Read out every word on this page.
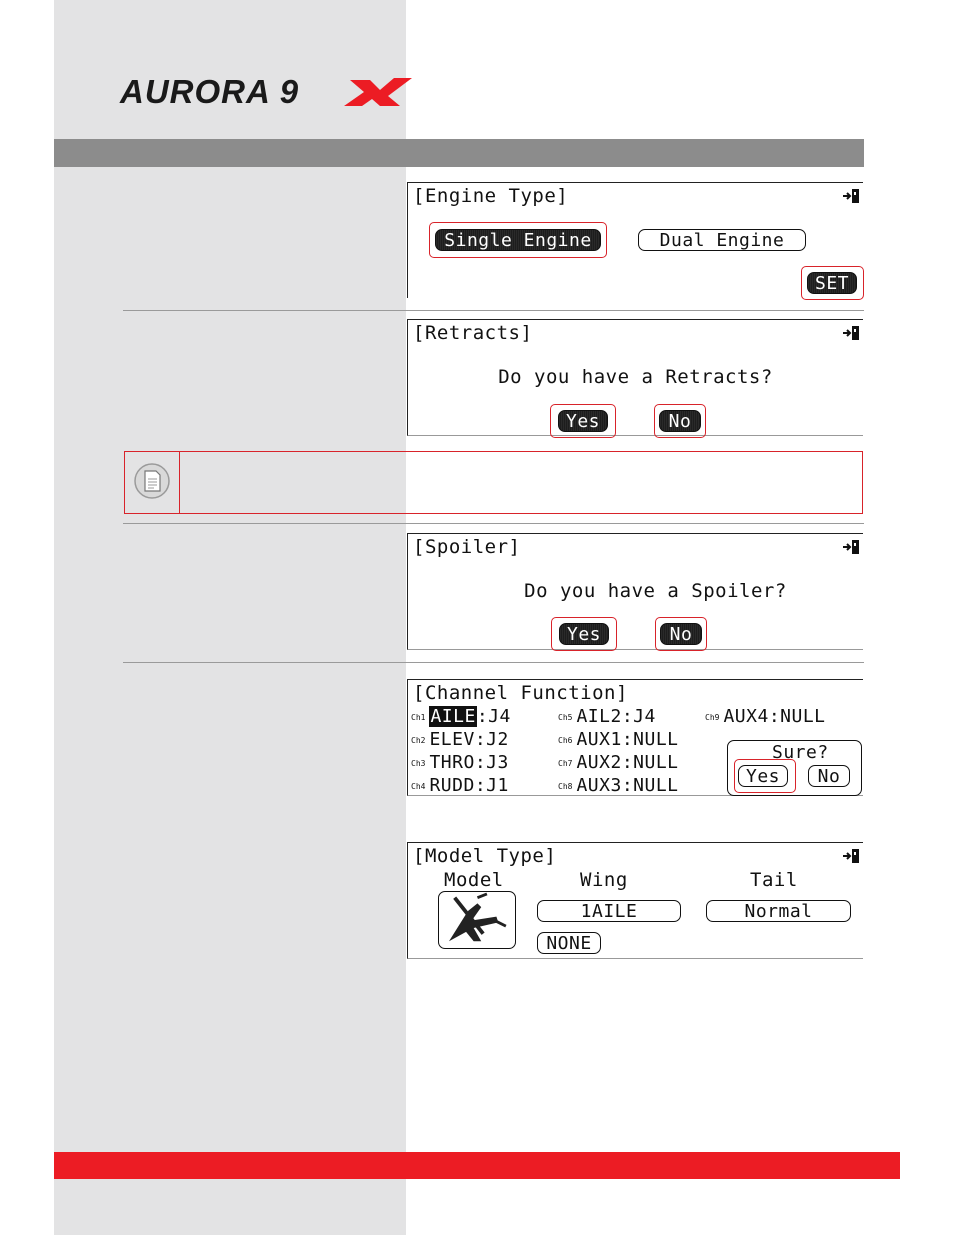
AURORA 9
[Engine Type]
Single Engine	Dual Engine
SET
[Retracts]
Do you have a Retracts?
Yes	No
[Spoiler]
Do you have a Spoiler?
Yes	No
[Channel Function]
Ch1 AILE:J4
Ch2 ELEV:J2
Ch3 THRO:J3
Ch4 RUDD:J1
Ch5 AIL2:J4
Ch6 AUX1:NULL
Ch7 AUX2:NULL
Ch8 AUX3:NULL
Ch9 AUX4:NULL
Sure?
Yes	No
[Model Type]
Model	Wing	Tail
1AILE	Normal
NONE
